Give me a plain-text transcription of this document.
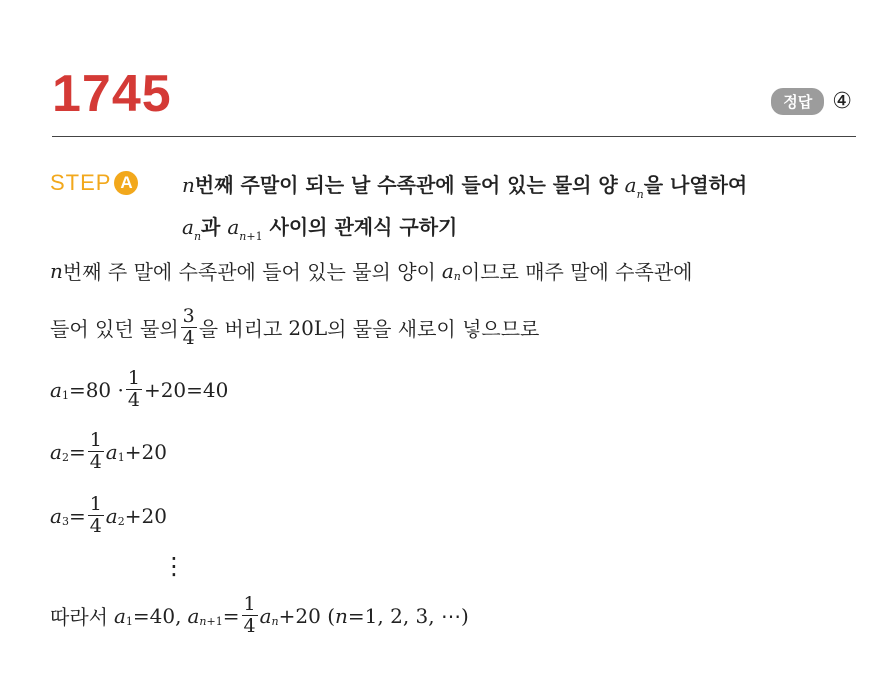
1745	정답 ④
STEP A n번째 주말이 되는 날 수족관에 들어 있는 물의 양 $a_n$을 나열하여
$a_n$과 $a_{n+1}$ 사이의 관계식 구하기
n 번째 주 말에 수족관에 들어 있는 물의 양이 a n 이므로 매주 말에 수족관에
들어 있던 물의 $\frac{3}{4}$ 을 버리고 20L 의 물을 새로이 넣으므로
a $1 =80 \cdot \frac{1}{4} +20=40$
a $2 = \frac{1}{4}$ a 1 +20
a $3 = \frac{1}{4}$ a 2 +20
⋮
따라서 a 1 =40, a $n +1 = \frac{1}{4}$ a n +20 ( n =1, 2, 3, ⋯)
